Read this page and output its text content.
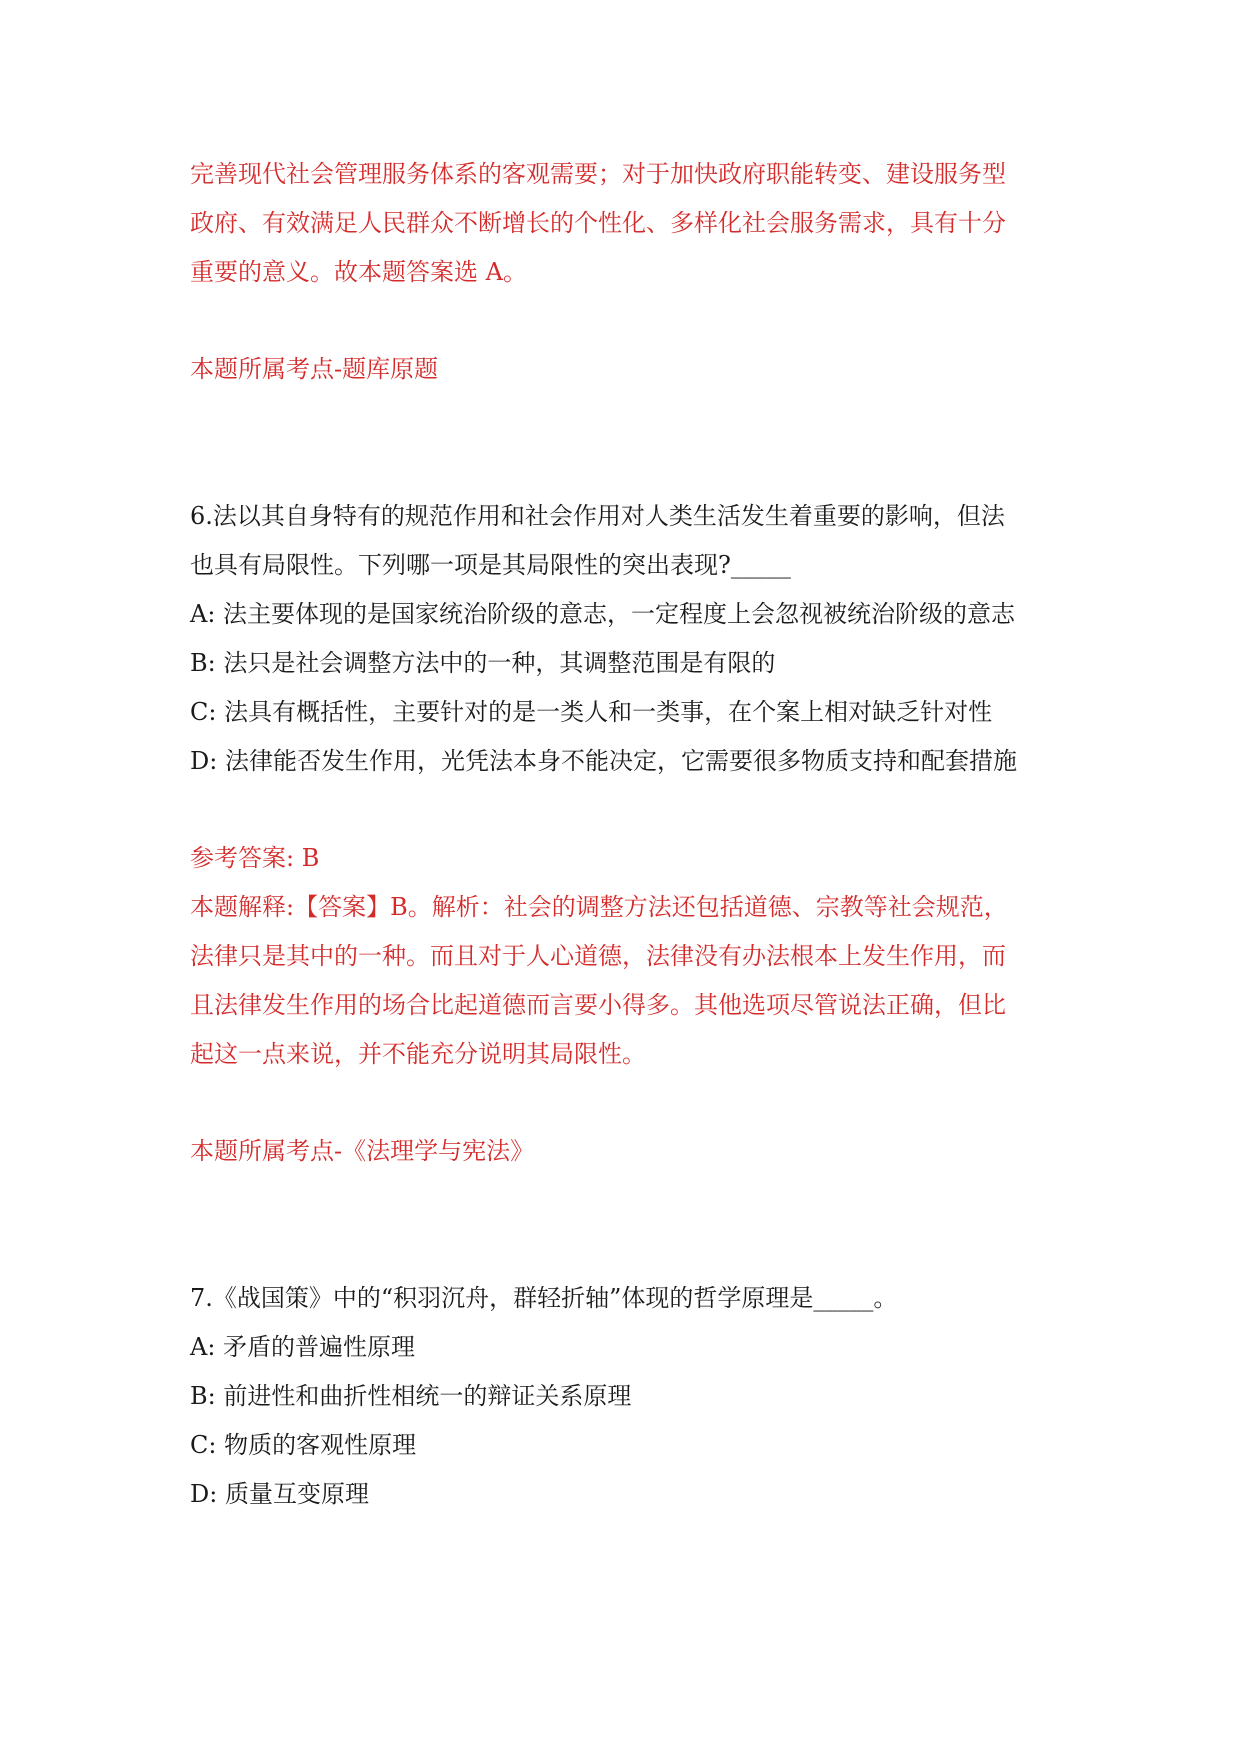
完善现代社会管理服务体系的客观需要；对于加快政府职能转变、建设服务型
政府、有效满足人民群众不断增长的个性化、多样化社会服务需求，具有十分
重要的意义。故本题答案选 A。
本题所属考点-题库原题
6.法以其自身特有的规范作用和社会作用对人类生活发生着重要的影响，但法
也具有局限性。下列哪一项是其局限性的突出表现?_____
A: 法主要体现的是国家统治阶级的意志，一定程度上会忽视被统治阶级的意志
B: 法只是社会调整方法中的一种，其调整范围是有限的
C: 法具有概括性，主要针对的是一类人和一类事，在个案上相对缺乏针对性
D: 法律能否发生作用，光凭法本身不能决定，它需要很多物质支持和配套措施
参考答案: B
本题解释:【答案】B。解析：社会的调整方法还包括道德、宗教等社会规范，
法律只是其中的一种。而且对于人心道德，法律没有办法根本上发生作用，而
且法律发生作用的场合比起道德而言要小得多。其他选项尽管说法正确，但比
起这一点来说，并不能充分说明其局限性。
本题所属考点-《法理学与宪法》
7.《战国策》中的“积羽沉舟，群轻折轴”体现的哲学原理是_____。
A: 矛盾的普遍性原理
B: 前进性和曲折性相统一的辩证关系原理
C: 物质的客观性原理
D: 质量互变原理
